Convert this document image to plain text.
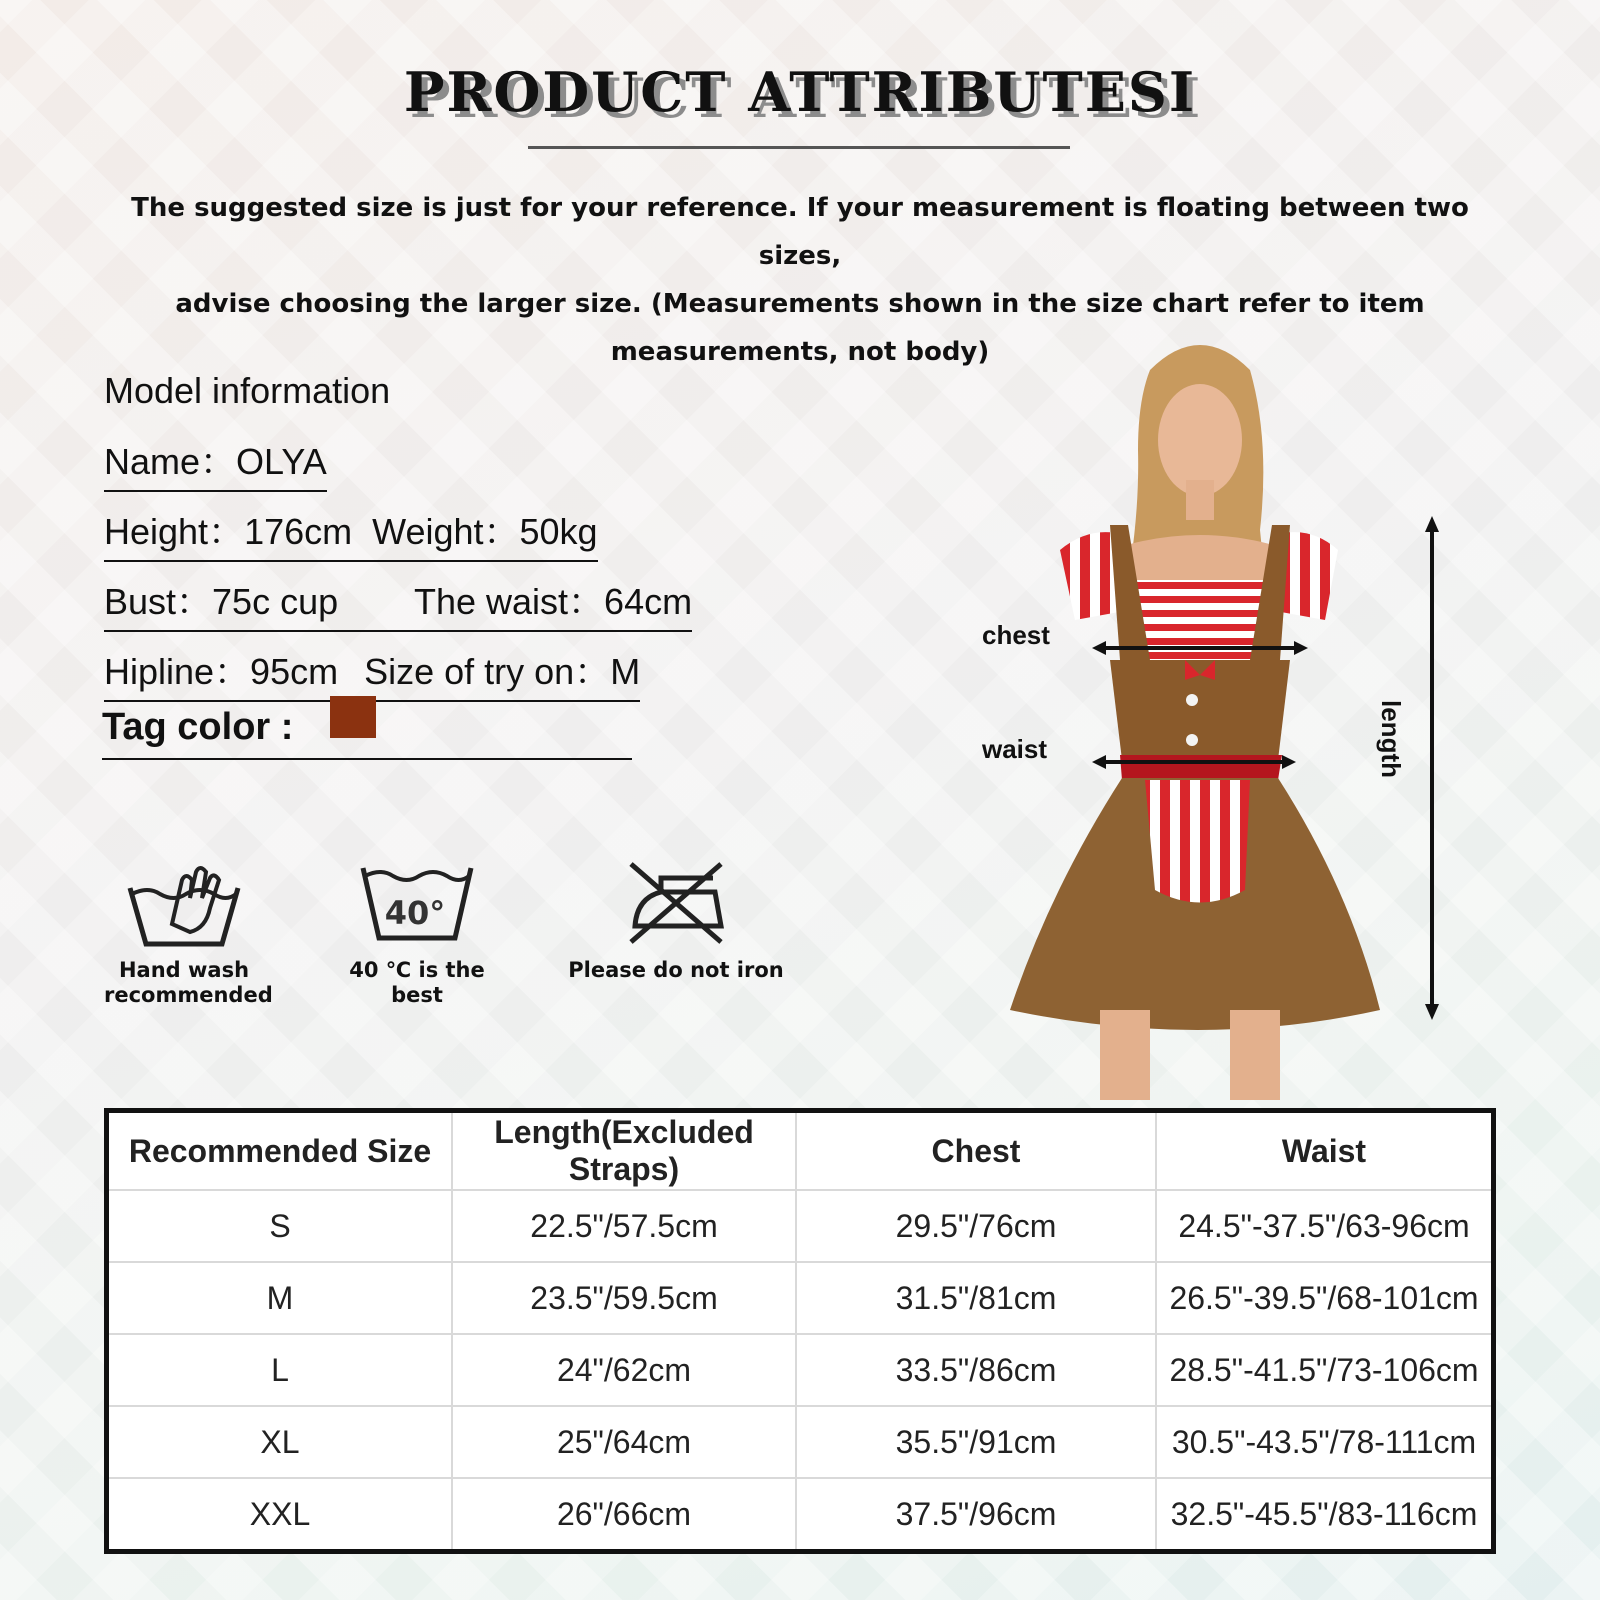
PRODUCT ATTRIBUTESI
The suggested size is just for your reference. If your measurement is floating between two sizes,
advise choosing the larger size. (Measurements shown in the size chart refer to item
measurements, not body)
Model information
Name：OLYA
Height：176cm Weight：50kg
Bust：75c cup The waist：64cm
Hipline：95cm Size of try on：M
Tag color :
Hand wash
recommended
40°
40 ℃ is the best
Please do not iron
chest
waist	length
Recommended Size	Length(Excluded Straps)	Chest	Waist
S	22.5"/57.5cm	29.5"/76cm	24.5"-37.5"/63-96cm
M	23.5"/59.5cm	31.5"/81cm	26.5"-39.5"/68-101cm
L	24"/62cm	33.5"/86cm	28.5"-41.5"/73-106cm
XL	25"/64cm	35.5"/91cm	30.5"-43.5"/78-111cm
XXL	26"/66cm	37.5"/96cm	32.5"-45.5"/83-116cm
